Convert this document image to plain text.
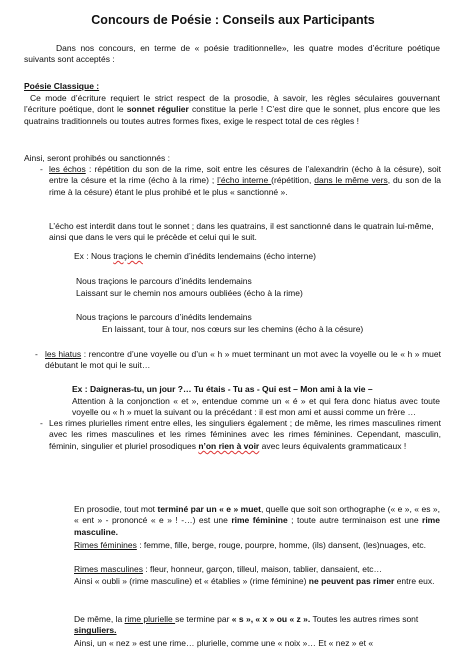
Concours de Poésie : Conseils aux Participants
Dans nos concours, en terme de « poésie traditionnelle», les quatre modes d’écriture poétique suivants sont acceptés :
Poésie Classique :
Ce mode d’écriture requiert le strict respect de la prosodie, à savoir, les règles séculaires gouvernant l’écriture poétique, dont le sonnet régulier constitue la perle ! C’est dire que le sonnet, plus encore que les quatrains traditionnels ou toutes autres formes fixes, exige le respect total de ces règles !
Ainsi, seront prohibés ou sanctionnés :
- les échos : répétition du son de la rime, soit entre les césures de l’alexandrin (écho à la césure), soit entre la césure et la rime (écho à la rime) ; l’écho interne (répétition, dans le même vers, du son de la rime à la césure) étant le plus prohibé et le plus « sanctionné ».
L’écho est interdit dans tout le sonnet ; dans les quatrains, il est sanctionné dans le quatrain lui-même, ainsi que dans le vers qui le précède et celui qui le suit.
Ex : Nous traçions le chemin d’inédits lendemains (écho interne)
Nous traçions le parcours d’inédits lendemains
Laissant sur le chemin nos amours oubliées (écho à la rime)
Nous traçions le parcours d’inédits lendemains
En laissant, tour à tour, nos cœurs sur les chemins (écho à la césure)
- les hiatus : rencontre d’une voyelle ou d’un « h » muet terminant un mot avec la voyelle ou le « h » muet débutant le mot qui le suit…
Ex : Daigneras-tu, un jour ?… Tu étais - Tu as - Qui est – Mon ami à la vie –
Attention à la conjonction « et », entendue comme un « é » et qui fera donc hiatus avec toute voyelle ou « h » muet la suivant ou la précédant : il est mon ami et aussi comme un frère …
- Les rimes plurielles riment entre elles, les singuliers également ; de même, les rimes masculines riment avec les rimes masculines et les rimes féminines avec les rimes féminines. Cependant, masculin, féminin, singulier et pluriel prosodiques n’on rien à voir avec leurs équivalents grammaticaux !
En prosodie, tout mot terminé par un « e » muet, quelle que soit son orthographe (« e », « es », « ent » - prononcé « e » ! -…) est une rime féminine ; toute autre terminaison est une rime masculine.
Rimes féminines : femme, fille, berge, rouge, pourpre, homme, (ils) dansent, (les)nuages, etc.
Rimes masculines : fleur, honneur, garçon, tilleul, maison, tablier, dansaient, etc…
Ainsi « oubli » (rime masculine) et « établies » (rime féminine) ne peuvent pas rimer entre eux.
De même, la rime plurielle se termine par « s », « x » ou « z ». Toutes les autres rimes sont singuliers.
Ainsi, un « nez » est une rime… plurielle, comme une « noix »… Et « nez » et «
